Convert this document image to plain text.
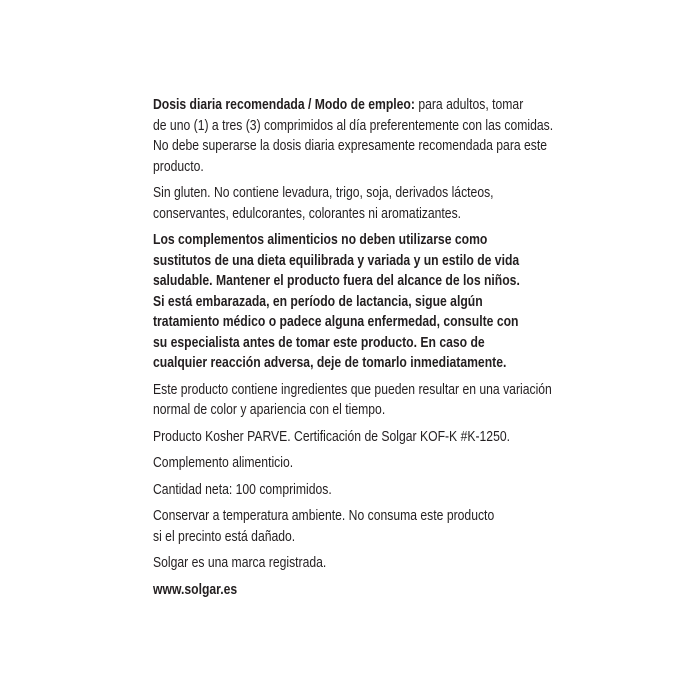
Dosis diaria recomendada / Modo de empleo: para adultos, tomar
de uno (1) a tres (3) comprimidos al día preferentemente con las comidas.
No debe superarse la dosis diaria expresamente recomendada para este
producto.

Sin gluten. No contiene levadura, trigo, soja, derivados lácteos,
conservantes, edulcorantes, colorantes ni aromatizantes.

Los complementos alimenticios no deben utilizarse como
sustitutos de una dieta equilibrada y variada y un estilo de vida
saludable. Mantener el producto fuera del alcance de los niños.
Si está embarazada, en período de lactancia, sigue algún
tratamiento médico o padece alguna enfermedad, consulte con
su especialista antes de tomar este producto. En caso de
cualquier reacción adversa, deje de tomarlo inmediatamente.

Este producto contiene ingredientes que pueden resultar en una variación
normal de color y apariencia con el tiempo.

Producto Kosher PARVE. Certificación de Solgar KOF-K #K-1250.

Complemento alimenticio.

Cantidad neta: 100 comprimidos.

Conservar a temperatura ambiente. No consuma este producto
si el precinto está dañado.

Solgar es una marca registrada.

www.solgar.es
